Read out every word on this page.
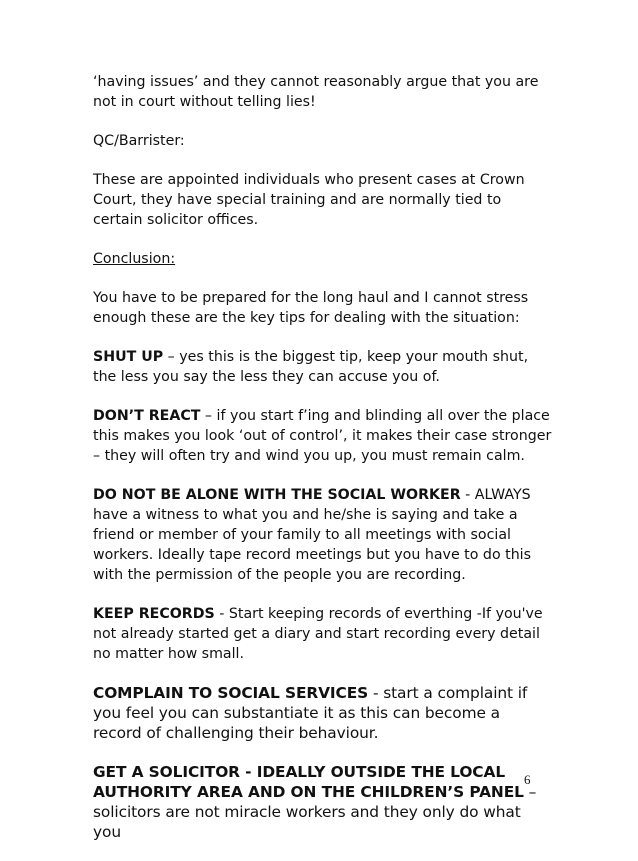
‘having issues’ and they cannot reasonably argue that you are not in court without telling lies!

QC/Barrister:

These are appointed individuals who present cases at Crown Court, they have special training and are normally tied to certain solicitor offices.

Conclusion:

You have to be prepared for the long haul and I cannot stress enough these are the key tips for dealing with the situation:

SHUT UP – yes this is the biggest tip, keep your mouth shut, the less you say the less they can accuse you of.

DON’T REACT – if you start f’ing and blinding all over the place this makes you look ‘out of control’, it makes their case stronger – they will often try and wind you up, you must remain calm.

DO NOT BE ALONE WITH THE SOCIAL WORKER - ALWAYS have a witness to what you and he/she is saying and take a friend or member of your family to all meetings with social workers. Ideally tape record meetings but you have to do this with the permission of the people you are recording.

KEEP RECORDS - Start keeping records of everthing -If you've not already started get a diary and start recording every detail no matter how small.

COMPLAIN TO SOCIAL SERVICES - start a complaint if you feel you can substantiate it as this can become a record of challenging their behaviour.

GET A SOLICITOR - IDEALLY OUTSIDE THE LOCAL AUTHORITY AREA AND ON THE CHILDREN’S PANEL – solicitors are not miracle workers and they only do what you

6
